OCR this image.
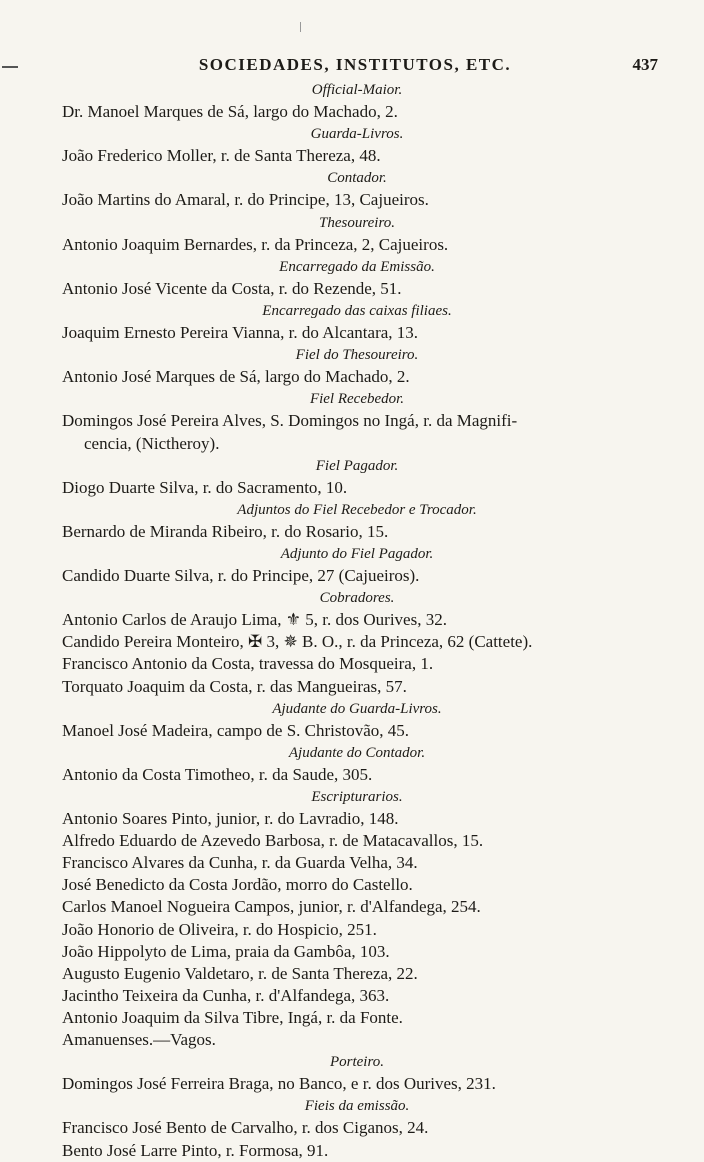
SOCIEDADES, INSTITUTOS, ETC.	437
Official-Maior.
Dr. Manoel Marques de Sá, largo do Machado, 2.
Guarda-Livros.
João Frederico Moller, r. de Santa Thereza, 48.
Contador.
João Martins do Amaral, r. do Principe, 13, Cajueiros.
Thesoureiro.
Antonio Joaquim Bernardes, r. da Princeza, 2, Cajueiros.
Encarregado da Emissão.
Antonio José Vicente da Costa, r. do Rezende, 51.
Encarregado das caixas filiaes.
Joaquim Ernesto Pereira Vianna, r. do Alcantara, 13.
Fiel do Thesoureiro.
Antonio José Marques de Sá, largo do Machado, 2.
Fiel Recebedor.
Domingos José Pereira Alves, S. Domingos no Ingá, r. da Magnifi-
cencia, (Nictheroy).
Fiel Pagador.
Diogo Duarte Silva, r. do Sacramento, 10.
Adjuntos do Fiel Recebedor e Trocador.
Bernardo de Miranda Ribeiro, r. do Rosario, 15.
Adjunto do Fiel Pagador.
Candido Duarte Silva, r. do Principe, 27 (Cajueiros).
Cobradores.
Antonio Carlos de Araujo Lima, ⚜ 5, r. dos Ourives, 32.
Candido Pereira Monteiro, ✠ 3, ✵ B. O., r. da Princeza, 62 (Cattete).
Francisco Antonio da Costa, travessa do Mosqueira, 1.
Torquato Joaquim da Costa, r. das Mangueiras, 57.
Ajudante do Guarda-Livros.
Manoel José Madeira, campo de S. Christovão, 45.
Ajudante do Contador.
Antonio da Costa Timotheo, r. da Saude, 305.
Escripturarios.
Antonio Soares Pinto, junior, r. do Lavradio, 148.
Alfredo Eduardo de Azevedo Barbosa, r. de Matacavallos, 15.
Francisco Alvares da Cunha, r. da Guarda Velha, 34.
José Benedicto da Costa Jordão, morro do Castello.
Carlos Manoel Nogueira Campos, junior, r. d'Alfandega, 254.
João Honorio de Oliveira, r. do Hospicio, 251.
João Hippolyto de Lima, praia da Gambôa, 103.
Augusto Eugenio Valdetaro, r. de Santa Thereza, 22.
Jacintho Teixeira da Cunha, r. d'Alfandega, 363.
Antonio Joaquim da Silva Tibre, Ingá, r. da Fonte.
Amanuenses.—Vagos.
Porteiro.
Domingos José Ferreira Braga, no Banco, e r. dos Ourives, 231.
Fieis da emissão.
Francisco José Bento de Carvalho, r. dos Ciganos, 24.
Bento José Larre Pinto, r. Formosa, 91.
